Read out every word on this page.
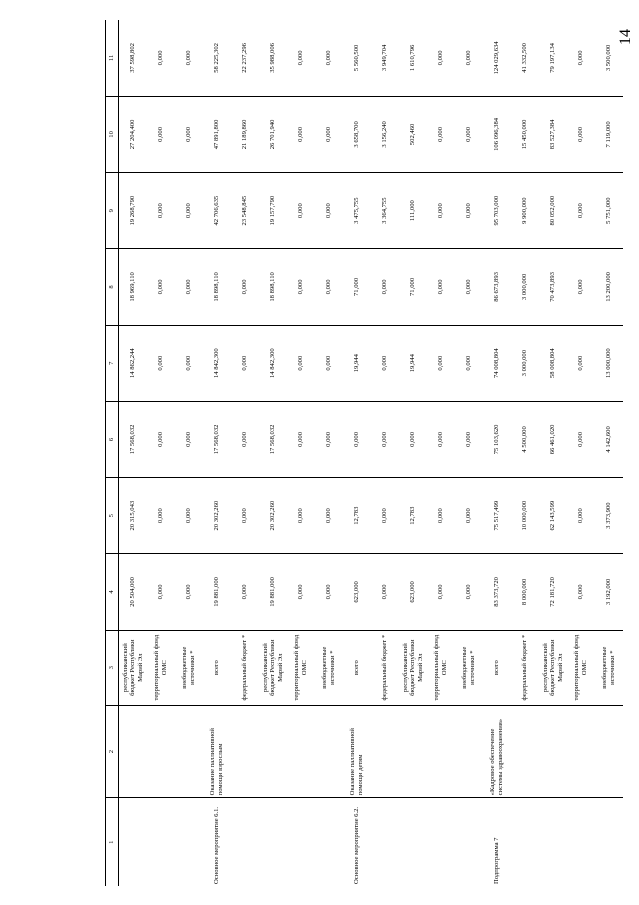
14
1	2	3	4	5	6	7	8	9	10	11
		республиканский бюджет Республики Марий Эл	20 504,000	20 315,043	17 568,032	14 862,244	18 969,110	19 268,790	27 204,400	37 598,802
		территориальный фонд ОМС	0,000	0,000	0,000	0,000	0,000	0,000	0,000	0,000
		внебюджетные источники *	0,000	0,000	0,000	0,000	0,000	0,000	0,000	0,000
Основное мероприятие 6.1.	Оказание паллиативной помощи взрослым	всего	19 881,000	20 302,260	17 568,032	14 842,300	18 898,110	42 706,635	47 891,800	58 225,302
		федеральный бюджет *	0,000	0,000	0,000	0,000	0,000	23 548,845	21 189,860	22 237,296
		республиканский бюджет Республики Марий Эл	19 881,000	20 302,260	17 568,032	14 842,300	18 898,110	19 157,790	26 701,940	35 988,006
		территориальный фонд ОМС	0,000	0,000	0,000	0,000	0,000	0,000	0,000	0,000
		внебюджетные источники *	0,000	0,000	0,000	0,000	0,000	0,000	0,000	0,000
Основное мероприятие 6.2.	Оказание паллиативной помощи детям	всего	623,000	12,783	0,000	19,944	71,000	3 475,755	3 658,700	5 560,500
		федеральный бюджет *	0,000	0,000	0,000	0,000	0,000	3 364,755	3 156,240	3 949,704
		республиканский бюджет Республики Марий Эл	623,000	12,783	0,000	19,944	71,000	111,000	502,460	1 610,796
		территориальный фонд ОМС	0,000	0,000	0,000	0,000	0,000	0,000	0,000	0,000
		внебюджетные источники *	0,000	0,000	0,000	0,000	0,000	0,000	0,000	0,000
Подпрограмма 7	«Кадровое обеспечение системы здравоохранения»	всего	83 373,720	75 517,499	75 103,620	74 008,804	86 673,893	95 703,000	106 096,384	124 029,634
		федеральный бюджет *	8 000,000	10 000,000	4 500,000	3 000,000	3 000,000	9 900,000	15 450,000	41 332,500
		республиканский бюджет Республики Марий Эл	72 181,720	62 143,599	66 461,020	58 008,804	70 473,893	80 052,000	83 527,384	79 197,134
		территориальный фонд ОМС	0,000	0,000	0,000	0,000	0,000	0,000	0,000	0,000
		внебюджетные источники *	3 192,000	3 373,900	4 142,600	13 000,000	13 200,000	5 751,000	7 119,000	3 500,000
